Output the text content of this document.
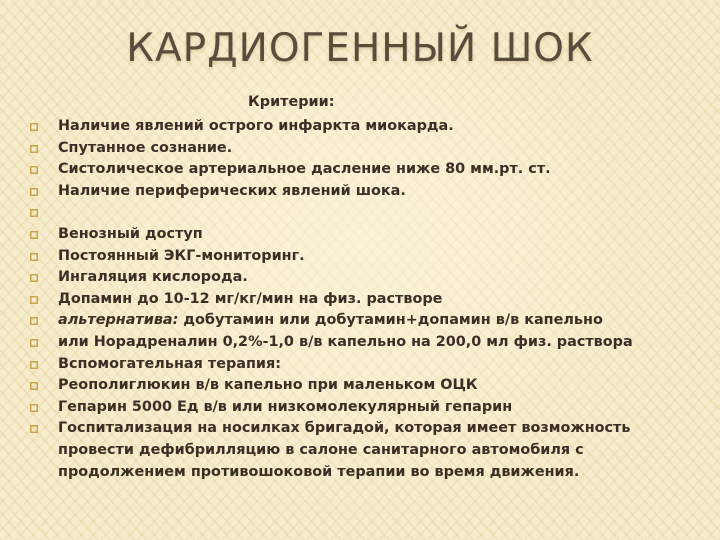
КАРДИОГЕННЫЙ ШОК
Критерии:
Наличие явлений острого инфаркта миокарда.
Спутанное сознание.
Систолическое артериальное дасление ниже 80 мм.рт. ст.
Наличие периферических явлений шока.
Венозный доступ
Постоянный ЭКГ-мониторинг.
Ингаляция кислорода.
Допамин до 10-12 мг/кг/мин на физ. растворе
альтернатива: добутамин или добутамин+допамин в/в капельно
или Норадреналин 0,2%-1,0 в/в капельно на 200,0 мл физ. раствора
Вспомогательная терапия:
Реополиглюкин в/в капельно при маленьком ОЦК
Гепарин 5000 Ед в/в или низкомолекулярный гепарин
Госпитализация на носилках бригадой, которая имеет возможность провести дефибрилляцию в салоне санитарного автомобиля с продолжением противошоковой терапии во время движения.
